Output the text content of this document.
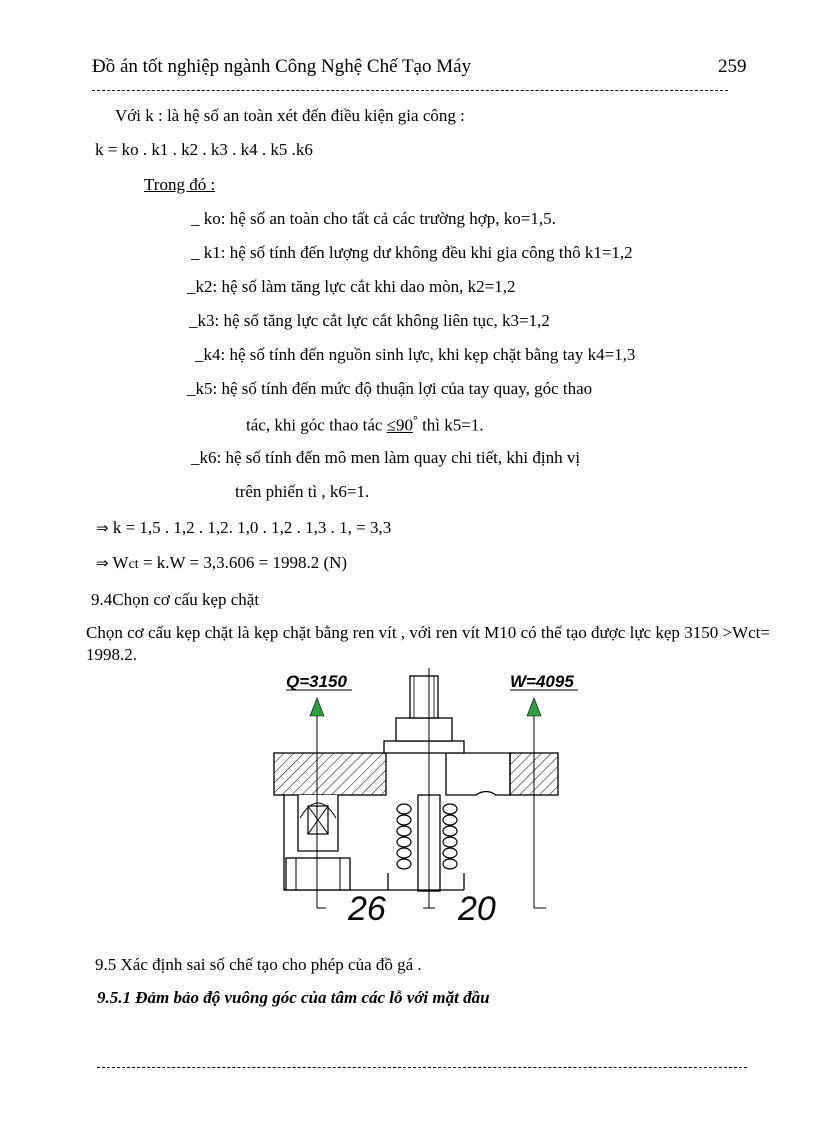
Đồ án tốt nghiệp ngành Công Nghệ Chế Tạo Máy	259
Với k : là hệ số an toàn xét đến điều kiện gia công :
k = ko . k1 . k2 . k3 . k4 . k5 .k6
Trong đó :
_ ko: hệ số an toàn cho tất cả các trường hợp, ko=1,5.
_ k1: hệ số tính đến lượng dư không đều khi gia công thô k1=1,2
_k2: hệ số làm tăng lực cắt khi dao mòn, k2=1,2
_k3: hệ số tăng lực cắt lực cắt không liên tục, k3=1,2
_k4: hệ số tính đến nguồn sinh lực, khi kẹp chặt bằng tay k4=1,3
_k5: hệ số tính đến mức độ thuận lợi của tay quay, góc thao
tác, khi góc thao tác ≤90° thì k5=1.
_k6: hệ số tính đến mô men làm quay chi tiết, khi định vị
trên phiến tì , k6=1.
⇒ k = 1,5 . 1,2 . 1,2. 1,0 . 1,2 . 1,3 . 1, = 3,3
⇒ Wct = k.W = 3,3.606 = 1998.2 (N)
9.4Chọn cơ cấu kẹp chặt
Chọn cơ cấu kẹp chặt là kẹp chặt bằng ren vít , với ren vít M10 có thể tạo được lực kẹp 3150 >Wct= 1998.2.
Q=3150	W=4095
26 20
9.5 Xác định sai số chế tạo cho phép của đồ gá .
9.5.1 Đảm bảo độ vuông góc của tâm các lỗ với mặt đầu
